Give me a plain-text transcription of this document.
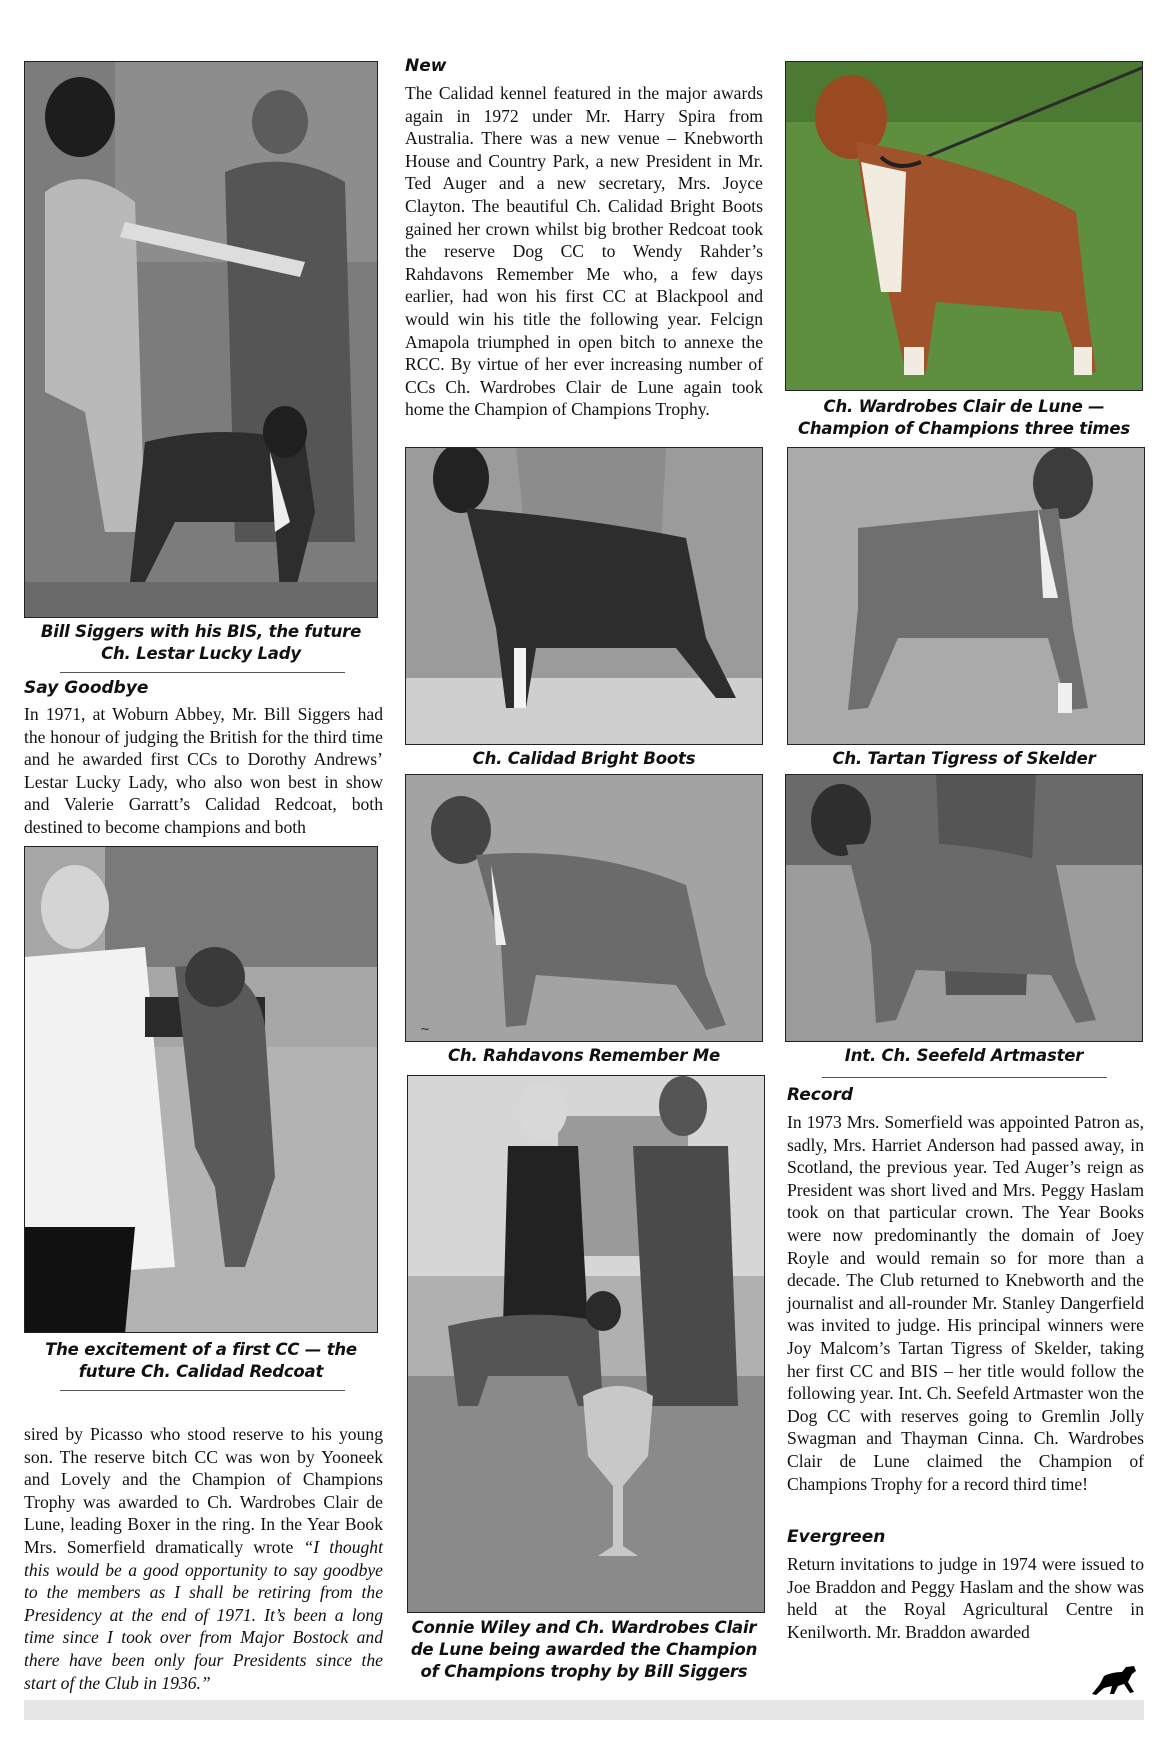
Bill Siggers with his BIS, the future
Ch. Lestar Lucky Lady
Say Goodbye
In 1971, at Woburn Abbey, Mr. Bill Siggers had the honour of judging the British for the third time and he awarded first CCs to Dorothy Andrews’ Lestar Lucky Lady, who also won best in show and Valerie Garratt’s Calidad Redcoat, both destined to become champions and both
The excitement of a first CC — the
future Ch. Calidad Redcoat
sired by Picasso who stood reserve to his young son. The reserve bitch CC was won by Yooneek and Lovely and the Champion of Champions Trophy was awarded to Ch. Wardrobes Clair de Lune, leading Boxer in the ring. In the Year Book Mrs. Somerfield dramatically wrote “I thought this would be a good opportunity to say goodbye to the members as I shall be retiring from the Presidency at the end of 1971. It’s been a long time since I took over from Major Bostock and there have been only four Presidents since the start of the Club in 1936.”
New
The Calidad kennel featured in the major awards again in 1972 under Mr. Harry Spira from Australia. There was a new venue – Knebworth House and Country Park, a new President in Mr. Ted Auger and a new secretary, Mrs. Joyce Clayton. The beautiful Ch. Calidad Bright Boots gained her crown whilst big brother Redcoat took the reserve Dog CC to Wendy Rahder’s Rahdavons Remember Me who, a few days earlier, had won his first CC at Blackpool and would win his title the following year. Felcign Amapola triumphed in open bitch to annexe the RCC. By virtue of her ever increasing number of CCs Ch. Wardrobes Clair de Lune again took home the Champion of Champions Trophy.
Ch. Calidad Bright Boots
~
Ch. Rahdavons Remember Me
Connie Wiley and Ch. Wardrobes Clair
de Lune being awarded the Champion
of Champions trophy by Bill Siggers
Ch. Wardrobes Clair de Lune —
Champion of Champions three times
Ch. Tartan Tigress of Skelder
Int. Ch. Seefeld Artmaster
Record
In 1973 Mrs. Somerfield was appointed Patron as, sadly, Mrs. Harriet Anderson had passed away, in Scotland, the previous year. Ted Auger’s reign as President was short lived and Mrs. Peggy Haslam took on that particular crown. The Year Books were now predominantly the domain of Joey Royle and would remain so for more than a decade. The Club returned to Knebworth and the journalist and all-rounder Mr. Stanley Dangerfield was invited to judge. His principal winners were Joy Malcom’s Tartan Tigress of Skelder, taking her first CC and BIS – her title would follow the following year. Int. Ch. Seefeld Artmaster won the Dog CC with reserves going to Gremlin Jolly Swagman and Thayman Cinna. Ch. Wardrobes Clair de Lune claimed the Champion of Champions Trophy for a record third time!
Evergreen
Return invitations to judge in 1974 were issued to Joe Braddon and Peggy Haslam and the show was held at the Royal Agricultural Centre in Kenilworth. Mr. Braddon awarded
